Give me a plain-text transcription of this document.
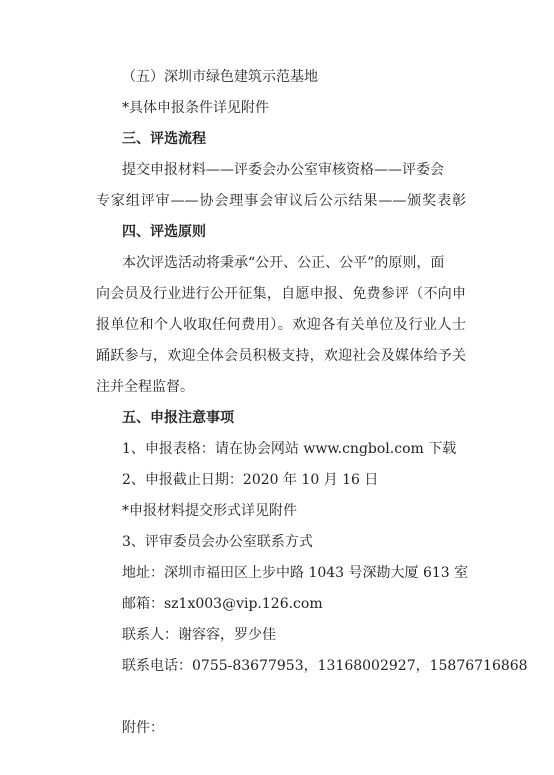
（五）深圳市绿色建筑示范基地
*具体申报条件详见附件
三、评选流程
提交申报材料——评委会办公室审核资格——评委会
专家组评审——协会理事会审议后公示结果——颁奖表彰
四、评选原则
本次评选活动将秉承“公开、公正、公平”的原则，面
向会员及行业进行公开征集，自愿申报、免费参评（不向申
报单位和个人收取任何费用）。欢迎各有关单位及行业人士
踊跃参与，欢迎全体会员积极支持，欢迎社会及媒体给予关
注并全程监督。
五、申报注意事项
1、申报表格：请在协会网站 www.cngbol.com 下载
2、申报截止日期：2020 年 10 月 16 日
*申报材料提交形式详见附件
3、评审委员会办公室联系方式
地址：深圳市福田区上步中路 1043 号深勘大厦 613 室
邮箱：sz1x003@vip.126.com
联系人：谢容容，罗少佳
联系电话：0755-83677953，13168002927，15876716868
附件：
